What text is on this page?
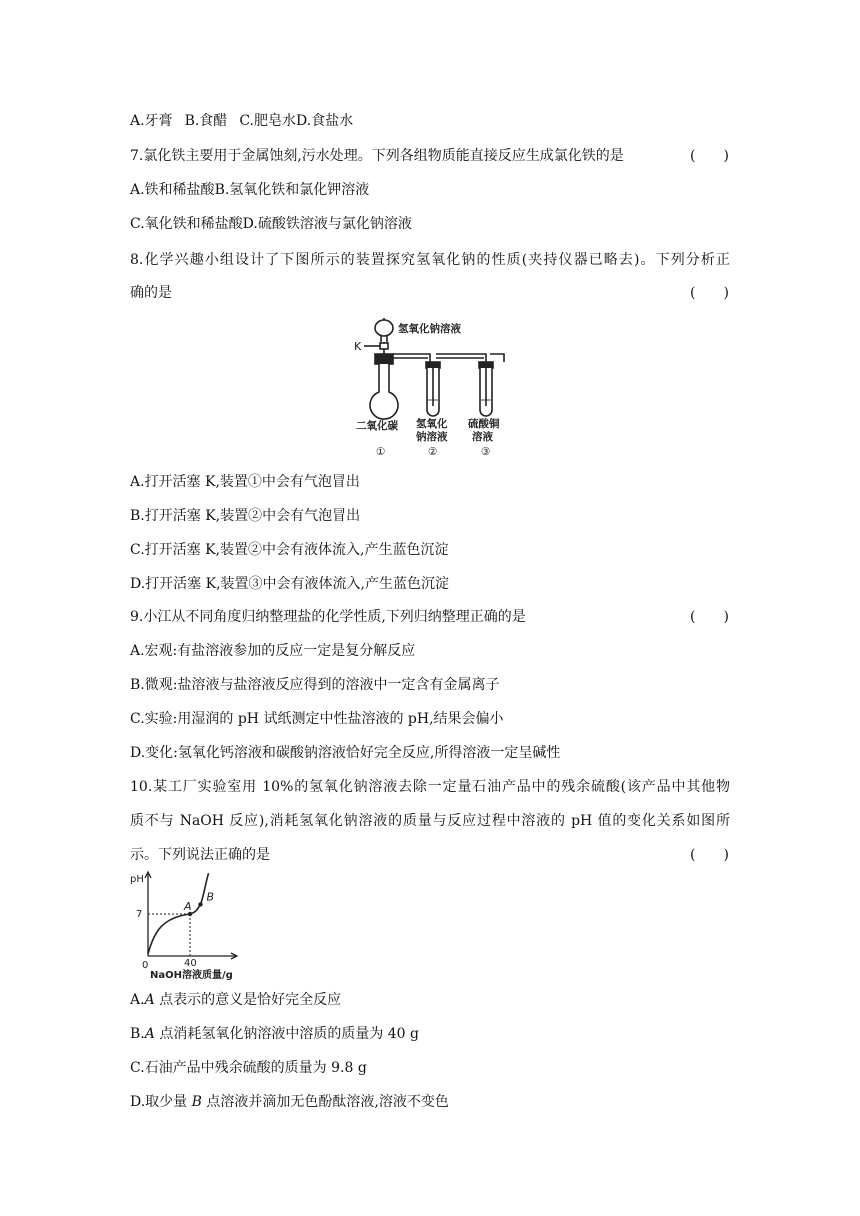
A.牙膏 B.食醋 C.肥皂水D.食盐水
7.氯化铁主要用于金属蚀刻,污水处理。下列各组物质能直接反应生成氯化铁的是	(　　)
A.铁和稀盐酸B.氢氧化铁和氯化钾溶液
C.氧化铁和稀盐酸D.硫酸铁溶液与氯化钠溶液
8.化学兴趣小组设计了下图所示的装置探究氢氧化钠的性质(夹持仪器已略去)。下列分析正
确的是	(　　)
氢氧化钠溶液
K
二氧化碳 氢氧化
钠溶液
硫酸铜
溶液
①	②	③
A.打开活塞 K,装置①中会有气泡冒出
B.打开活塞 K,装置②中会有气泡冒出
C.打开活塞 K,装置②中会有液体流入,产生蓝色沉淀
D.打开活塞 K,装置③中会有液体流入,产生蓝色沉淀
9.小江从不同角度归纳整理盐的化学性质,下列归纳整理正确的是	(　　)
A.宏观:有盐溶液参加的反应一定是复分解反应
B.微观:盐溶液与盐溶液反应得到的溶液中一定含有金属离子
C.实验:用湿润的 pH 试纸测定中性盐溶液的 pH,结果会偏小
D.变化:氢氧化钙溶液和碳酸钠溶液恰好完全反应,所得溶液一定呈碱性
10.某工厂实验室用 10%的氢氧化钠溶液去除一定量石油产品中的残余硫酸(该产品中其他物
质不与 NaOH 反应),消耗氢氧化钠溶液的质量与反应过程中溶液的 pH 值的变化关系如图所
示。下列说法正确的是	(　　)
A
B
pH
0
7
40
NaOH溶液质量/g
A.A 点表示的意义是恰好完全反应
B.A 点消耗氢氧化钠溶液中溶质的质量为 40 g
C.石油产品中残余硫酸的质量为 9.8 g
D.取少量 B 点溶液并滴加无色酚酞溶液,溶液不变色
